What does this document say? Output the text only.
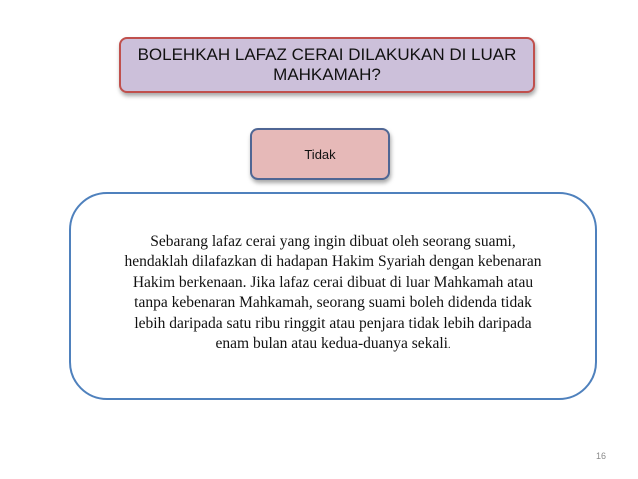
BOLEHKAH LAFAZ CERAI DILAKUKAN DI LUAR
MAHKAMAH?
Tidak

Sebarang lafaz cerai yang ingin dibuat oleh seorang suami,
hendaklah dilafazkan di hadapan Hakim Syariah dengan kebenaran
Hakim berkenaan. Jika lafaz cerai dibuat di luar Mahkamah atau
tanpa kebenaran Mahkamah, seorang suami boleh didenda tidak
lebih daripada satu ribu ringgit atau penjara tidak lebih daripada
enam bulan atau kedua-duanya sekali.

16
